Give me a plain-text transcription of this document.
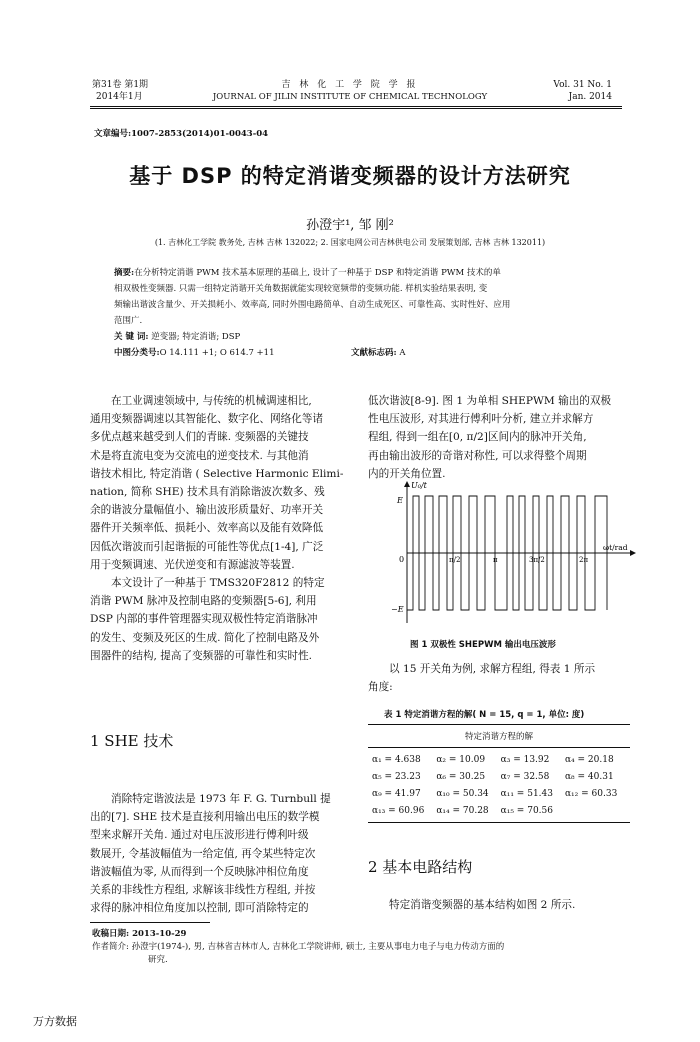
第31卷 第1期
2014年1月
吉 林 化 工 学 院 学 报
JOURNAL OF JILIN INSTITUTE OF CHEMICAL TECHNOLOGY
Vol. 31 No. 1
Jan. 2014
文章编号:1007-2853(2014)01-0043-04
基于 DSP 的特定消谐变频器的设计方法研究
孙澄宇¹, 邹 刚²
(1. 吉林化工学院 教务处, 吉林 吉林 132022; 2. 国家电网公司吉林供电公司 发展策划部, 吉林 吉林 132011)
摘要:在分析特定消谐 PWM 技术基本原理的基础上, 设计了一种基于 DSP 和特定消谐 PWM 技术的单
相双极性变频器. 只需一组特定消谐开关角数据就能实现较宽频带的变频功能. 样机实验结果表明, 变
频输出谐波含量少、开关损耗小、效率高, 同时外围电路简单、自动生成死区、可靠性高、实时性好、应用
范围广.
关 键 词: 逆变器; 特定消谐; DSP
中图分类号:O 14.111 +1; O 614.7 +11	文献标志码: A
在工业调速领域中, 与传统的机械调速相比,
通用变频器调速以其智能化、数字化、网络化等诸
多优点越来越受到人们的青睐. 变频器的关键技
术是将直流电变为交流电的逆变技术. 与其他消
谐技术相比, 特定消谐 ( Selective Harmonic Elimi-
nation, 简称 SHE) 技术具有消除谐波次数多、残
余的谐波分量幅值小、输出波形质量好、功率开关
器件开关频率低、损耗小、效率高以及能有效降低
因低次谐波而引起谐振的可能性等优点[1-4], 广泛
用于变频调速、光伏逆变和有源滤波等装置.
本文设计了一种基于 TMS320F2812 的特定
消谐 PWM 脉冲及控制电路的变频器[5-6], 利用
DSP 内部的事件管理器实现双极性特定消谐脉冲
的发生、变频及死区的生成. 简化了控制电路及外
围器件的结构, 提高了变频器的可靠性和实时性.
1 SHE 技术
消除特定谐波法是 1973 年 F. G. Turnbull 提
出的[7]. SHE 技术是直接利用输出电压的数学模
型来求解开关角. 通过对电压波形进行傅利叶级
数展开, 令基波幅值为一给定值, 再令某些特定次
谐波幅值为零, 从而得到一个反映脉冲相位角度
关系的非线性方程组, 求解该非线性方程组, 并按
求得的脉冲相位角度加以控制, 即可消除特定的
低次谐波[8-9]. 图 1 为单相 SHEPWM 输出的双极
性电压波形, 对其进行傅利叶分析, 建立并求解方
程组, 得到一组在[0, π/2]区间内的脉冲开关角,
再由输出波形的奇谐对称性, 可以求得整个周期
内的开关角位置.
U₀/t
E
−E
0
ωt/rad
π/2	π	3π/2	2π
图 1 双极性 SHEPWM 输出电压波形
以 15 开关角为例, 求解方程组, 得表 1 所示
角度:
表 1 特定消谐方程的解( N = 15, q = 1, 单位: 度)
特定消谐方程的解
α₁ = 4.638	α₂ = 10.09	α₃ = 13.92	α₄ = 20.18
α₅ = 23.23	α₆ = 30.25	α₇ = 32.58	α₈ = 40.31
α₉ = 41.97	α₁₀ = 50.34	α₁₁ = 51.43	α₁₂ = 60.33
α₁₃ = 60.96	α₁₄ = 70.28	α₁₅ = 70.56	
2 基本电路结构
特定消谐变频器的基本结构如图 2 所示.
收稿日期: 2013-10-29
作者简介: 孙澄宇(1974-), 男, 吉林省吉林市人, 吉林化工学院讲师, 硕士, 主要从事电力电子与电力传动方面的
研究.
万方数据
